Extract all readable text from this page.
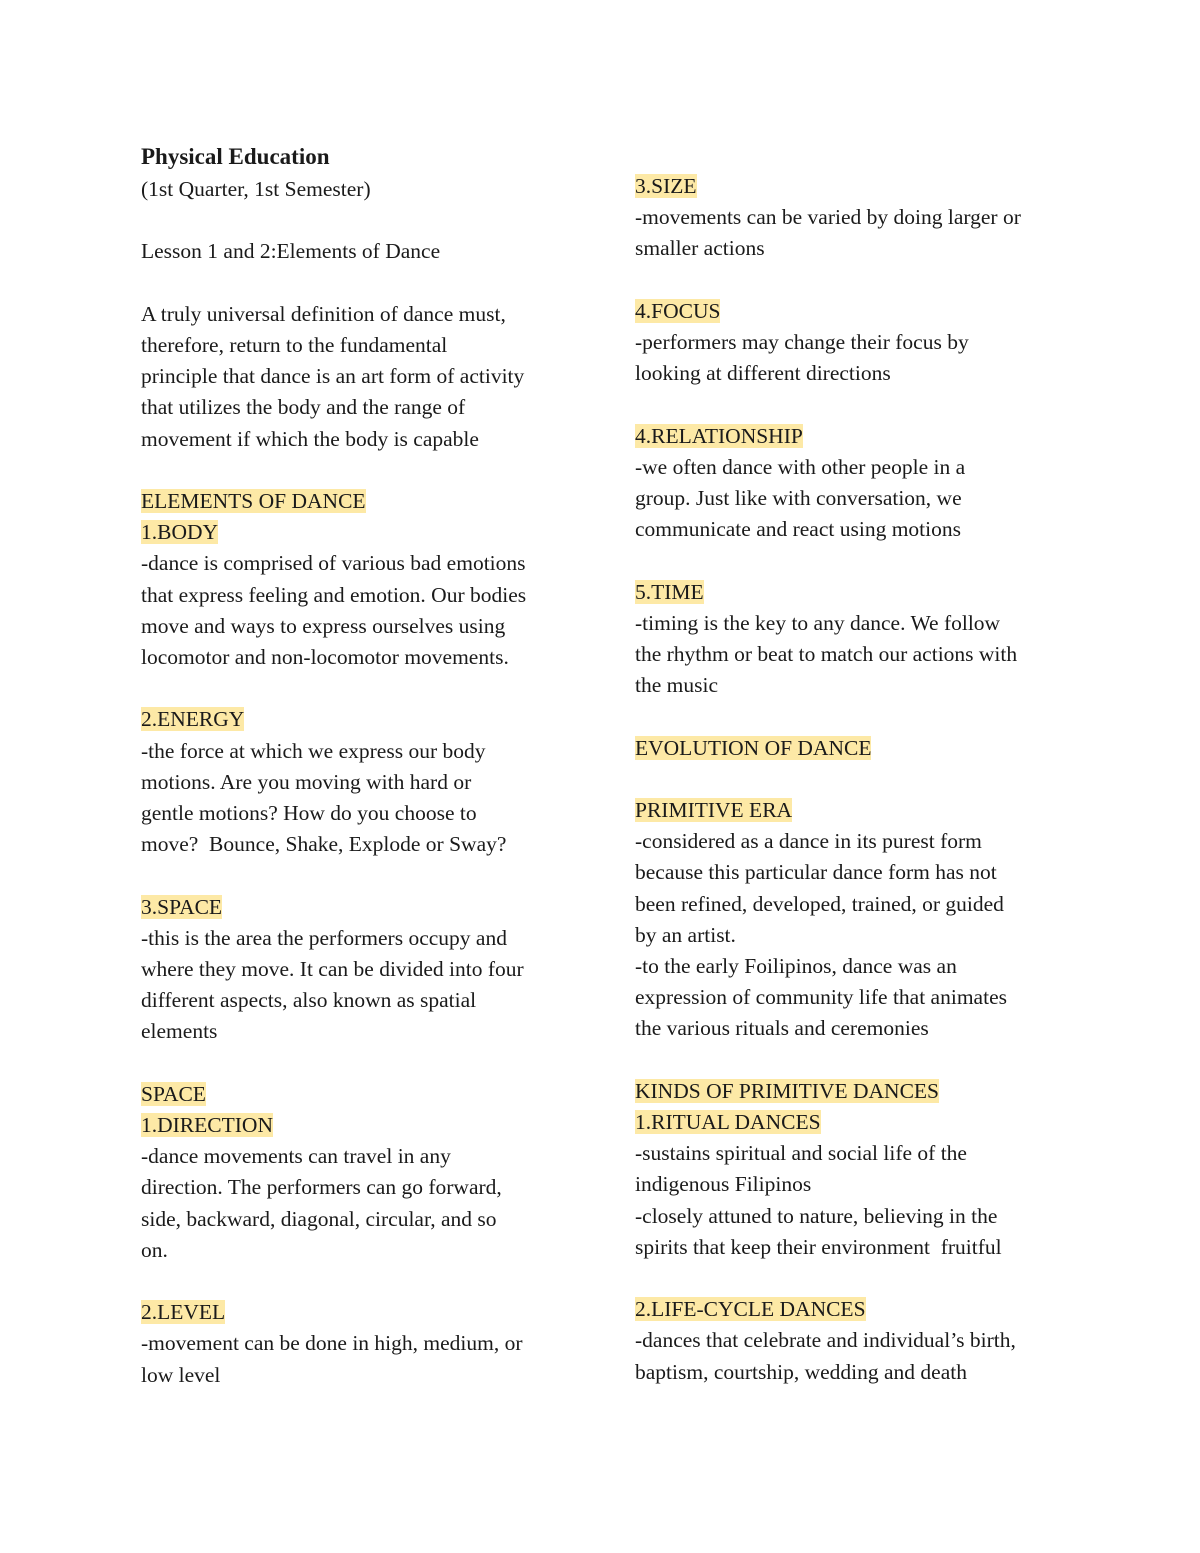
Physical Education

(1st Quarter, 1st Semester)

Lesson 1 and 2:Elements of Dance

A truly universal definition of dance must,

therefore, return to the fundamental

principle that dance is an art form of activity

that utilizes the body and the range of

movement if which the body is capable

ELEMENTS OF DANCE

1.BODY

-dance is comprised of various bad emotions

that express feeling and emotion. Our bodies

move and ways to express ourselves using

locomotor and non-locomotor movements.

2.ENERGY

-the force at which we express our body

motions. Are you moving with hard or

gentle motions? How do you choose to

move?  Bounce, Shake, Explode or Sway?

3.SPACE

-this is the area the performers occupy and

where they move. It can be divided into four

different aspects, also known as spatial

elements

SPACE

1.DIRECTION

-dance movements can travel in any

direction. The performers can go forward,

side, backward, diagonal, circular, and so

on.

2.LEVEL

-movement can be done in high, medium, or

low level

3.SIZE

-movements can be varied by doing larger or

smaller actions

4.FOCUS

-performers may change their focus by

looking at different directions

4.RELATIONSHIP

-we often dance with other people in a

group. Just like with conversation, we

communicate and react using motions

5.TIME

-timing is the key to any dance. We follow

the rhythm or beat to match our actions with

the music

EVOLUTION OF DANCE

PRIMITIVE ERA

-considered as a dance in its purest form

because this particular dance form has not

been refined, developed, trained, or guided

by an artist.

-to the early Foilipinos, dance was an

expression of community life that animates

the various rituals and ceremonies

KINDS OF PRIMITIVE DANCES

1.RITUAL DANCES

-sustains spiritual and social life of the

indigenous Filipinos

-closely attuned to nature, believing in the

spirits that keep their environment  fruitful

2.LIFE-CYCLE DANCES

-dances that celebrate and individual’s birth,

baptism, courtship, wedding and death
